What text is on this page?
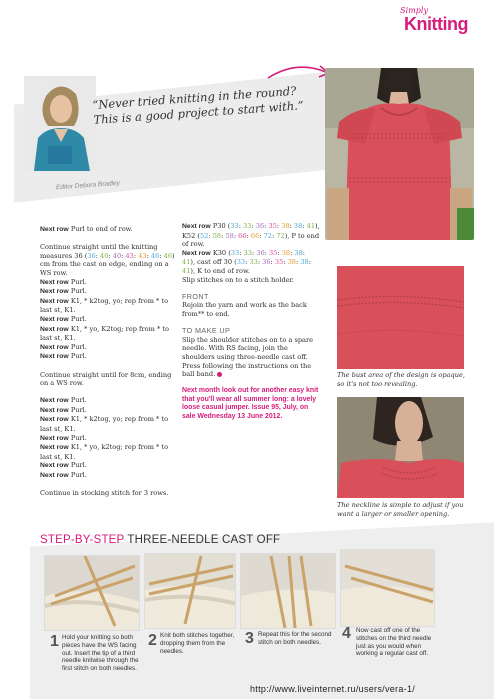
Simply
Knitting
“Never tried knitting in the round? This is a good project to start with.”
Editor Debora Bradley
The bust area of the design is opaque, so it's not too revealing.
The neckline is simple to adjust if you want a larger or smaller opening.

Next row Purl to end of row.

Continue straight until the knitting measures 36 (36: 40: 40: 43: 43: 46: 46) cm from the cast on edge, ending on a WS row.

Next row Purl.

Next row Purl.

Next row K1, * k2tog, yo; rep from * to last st, K1.

Next row Purl.

Next row K1, * yo, K2tog; rep from * to last st, K1.

Next row Purl.

Next row Purl.

Continue straight until for 8cm, ending on a WS row.

Next row Purl.

Next row Purl.

Next row K1, * k2tog, yo; rep from * to last st, K1.

Next row Purl.

Next row K1, * yo, k2tog; rep from * to last st, K1.

Next row Purl.

Next row Purl.

Continue in stocking stitch for 3 rows.

Next row P30 (33: 33: 36: 35: 38: 38: 41), K52 (52: 58: 58: 66: 66: 72: 72), P to end of row.

Next row K30 (33: 33: 36: 35: 38: 38: 41), cast off 30 (33: 33: 36: 35: 38: 38: 41), K to end of row.

Slip stitches on to a stitch holder.

FRONT

Rejoin the yarn and work as the back from** to end.

TO MAKE UP

Slip the shoulder stitches on to a spare needle. With RS facing, join the shoulders using three-needle cast off. Press following the instructions on the ball band.

Next month look out for another easy knit that you'll wear all summer long: a lovely loose casual jumper. Issue 95, July, on sale Wednesday 13 June 2012.

STEP-BY-STEP THREE-NEEDLE CAST OFF
1 Hold your knitting so both pieces have the WS facing out. Insert the tip of a third needle knitwise through the first stitch on both needles.
2 Knit both stitches together, dropping them from the needles.
3 Repeat this for the second stitch on both needles.
4 Now cast off one of the stitches on the third needle just as you would when working a regular cast off.
http://www.liveinternet.ru/users/vera-1/
